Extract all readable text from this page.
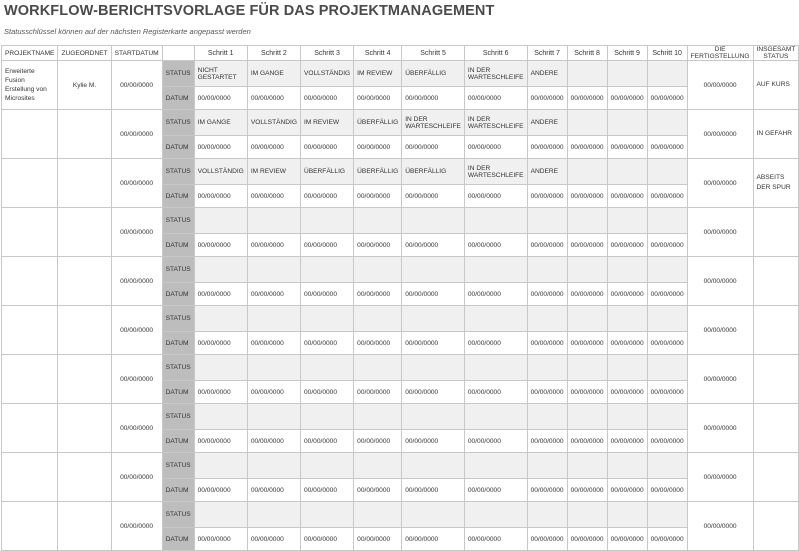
WORKFLOW-BERICHTSVORLAGE FÜR DAS PROJEKTMANAGEMENT
Statusschlüssel können auf der nächsten Registerkarte angepasst werden
PROJEKTNAME	ZUGEORDNET	STARTDATUM		Schritt 1	Schritt 2	Schritt 3	Schritt 4	Schritt 5	Schritt 6	Schritt 7	Schritt 8	Schritt 9	Schritt 10	DIE FERTIGSTELLUNG	INSGESAMT STATUS
Erweiterte Fusion Erstellung von Microsites	Kylie M.	00/00/0000	STATUS	NICHT GESTARTET	IM GANGE	VOLLSTÄNDIG	IM REVIEW	ÜBERFÄLLIG	IN DER WARTESCHLEIFE	ANDERE				00/00/0000	AUF KURS
			DATUM	00/00/0000	00/00/0000	00/00/0000	00/00/0000	00/00/0000	00/00/0000	00/00/0000	00/00/0000	00/00/0000	00/00/0000		
		00/00/0000	STATUS	IM GANGE	VOLLSTÄNDIG	IM REVIEW	ÜBERFÄLLIG	IN DER WARTESCHLEIFE	IN DER WARTESCHLEIFE	ANDERE				00/00/0000	IN GEFAHR
			DATUM	00/00/0000	00/00/0000	00/00/0000	00/00/0000	00/00/0000	00/00/0000	00/00/0000	00/00/0000	00/00/0000	00/00/0000		
		00/00/0000	STATUS	VOLLSTÄNDIG	IM REVIEW	ÜBERFÄLLIG	ÜBERFÄLLIG	ÜBERFÄLLIG	IN DER WARTESCHLEIFE	ANDERE				00/00/0000	ABSEITS DER SPUR
			DATUM	00/00/0000	00/00/0000	00/00/0000	00/00/0000	00/00/0000	00/00/0000	00/00/0000	00/00/0000	00/00/0000	00/00/0000		
		00/00/0000	STATUS											00/00/0000	
			DATUM	00/00/0000	00/00/0000	00/00/0000	00/00/0000	00/00/0000	00/00/0000	00/00/0000	00/00/0000	00/00/0000	00/00/0000		
		00/00/0000	STATUS											00/00/0000	
			DATUM	00/00/0000	00/00/0000	00/00/0000	00/00/0000	00/00/0000	00/00/0000	00/00/0000	00/00/0000	00/00/0000	00/00/0000		
		00/00/0000	STATUS											00/00/0000	
			DATUM	00/00/0000	00/00/0000	00/00/0000	00/00/0000	00/00/0000	00/00/0000	00/00/0000	00/00/0000	00/00/0000	00/00/0000		
		00/00/0000	STATUS											00/00/0000	
			DATUM	00/00/0000	00/00/0000	00/00/0000	00/00/0000	00/00/0000	00/00/0000	00/00/0000	00/00/0000	00/00/0000	00/00/0000		
		00/00/0000	STATUS											00/00/0000	
			DATUM	00/00/0000	00/00/0000	00/00/0000	00/00/0000	00/00/0000	00/00/0000	00/00/0000	00/00/0000	00/00/0000	00/00/0000		
		00/00/0000	STATUS											00/00/0000	
			DATUM	00/00/0000	00/00/0000	00/00/0000	00/00/0000	00/00/0000	00/00/0000	00/00/0000	00/00/0000	00/00/0000	00/00/0000		
		00/00/0000	STATUS											00/00/0000	
			DATUM	00/00/0000	00/00/0000	00/00/0000	00/00/0000	00/00/0000	00/00/0000	00/00/0000	00/00/0000	00/00/0000	00/00/0000		
